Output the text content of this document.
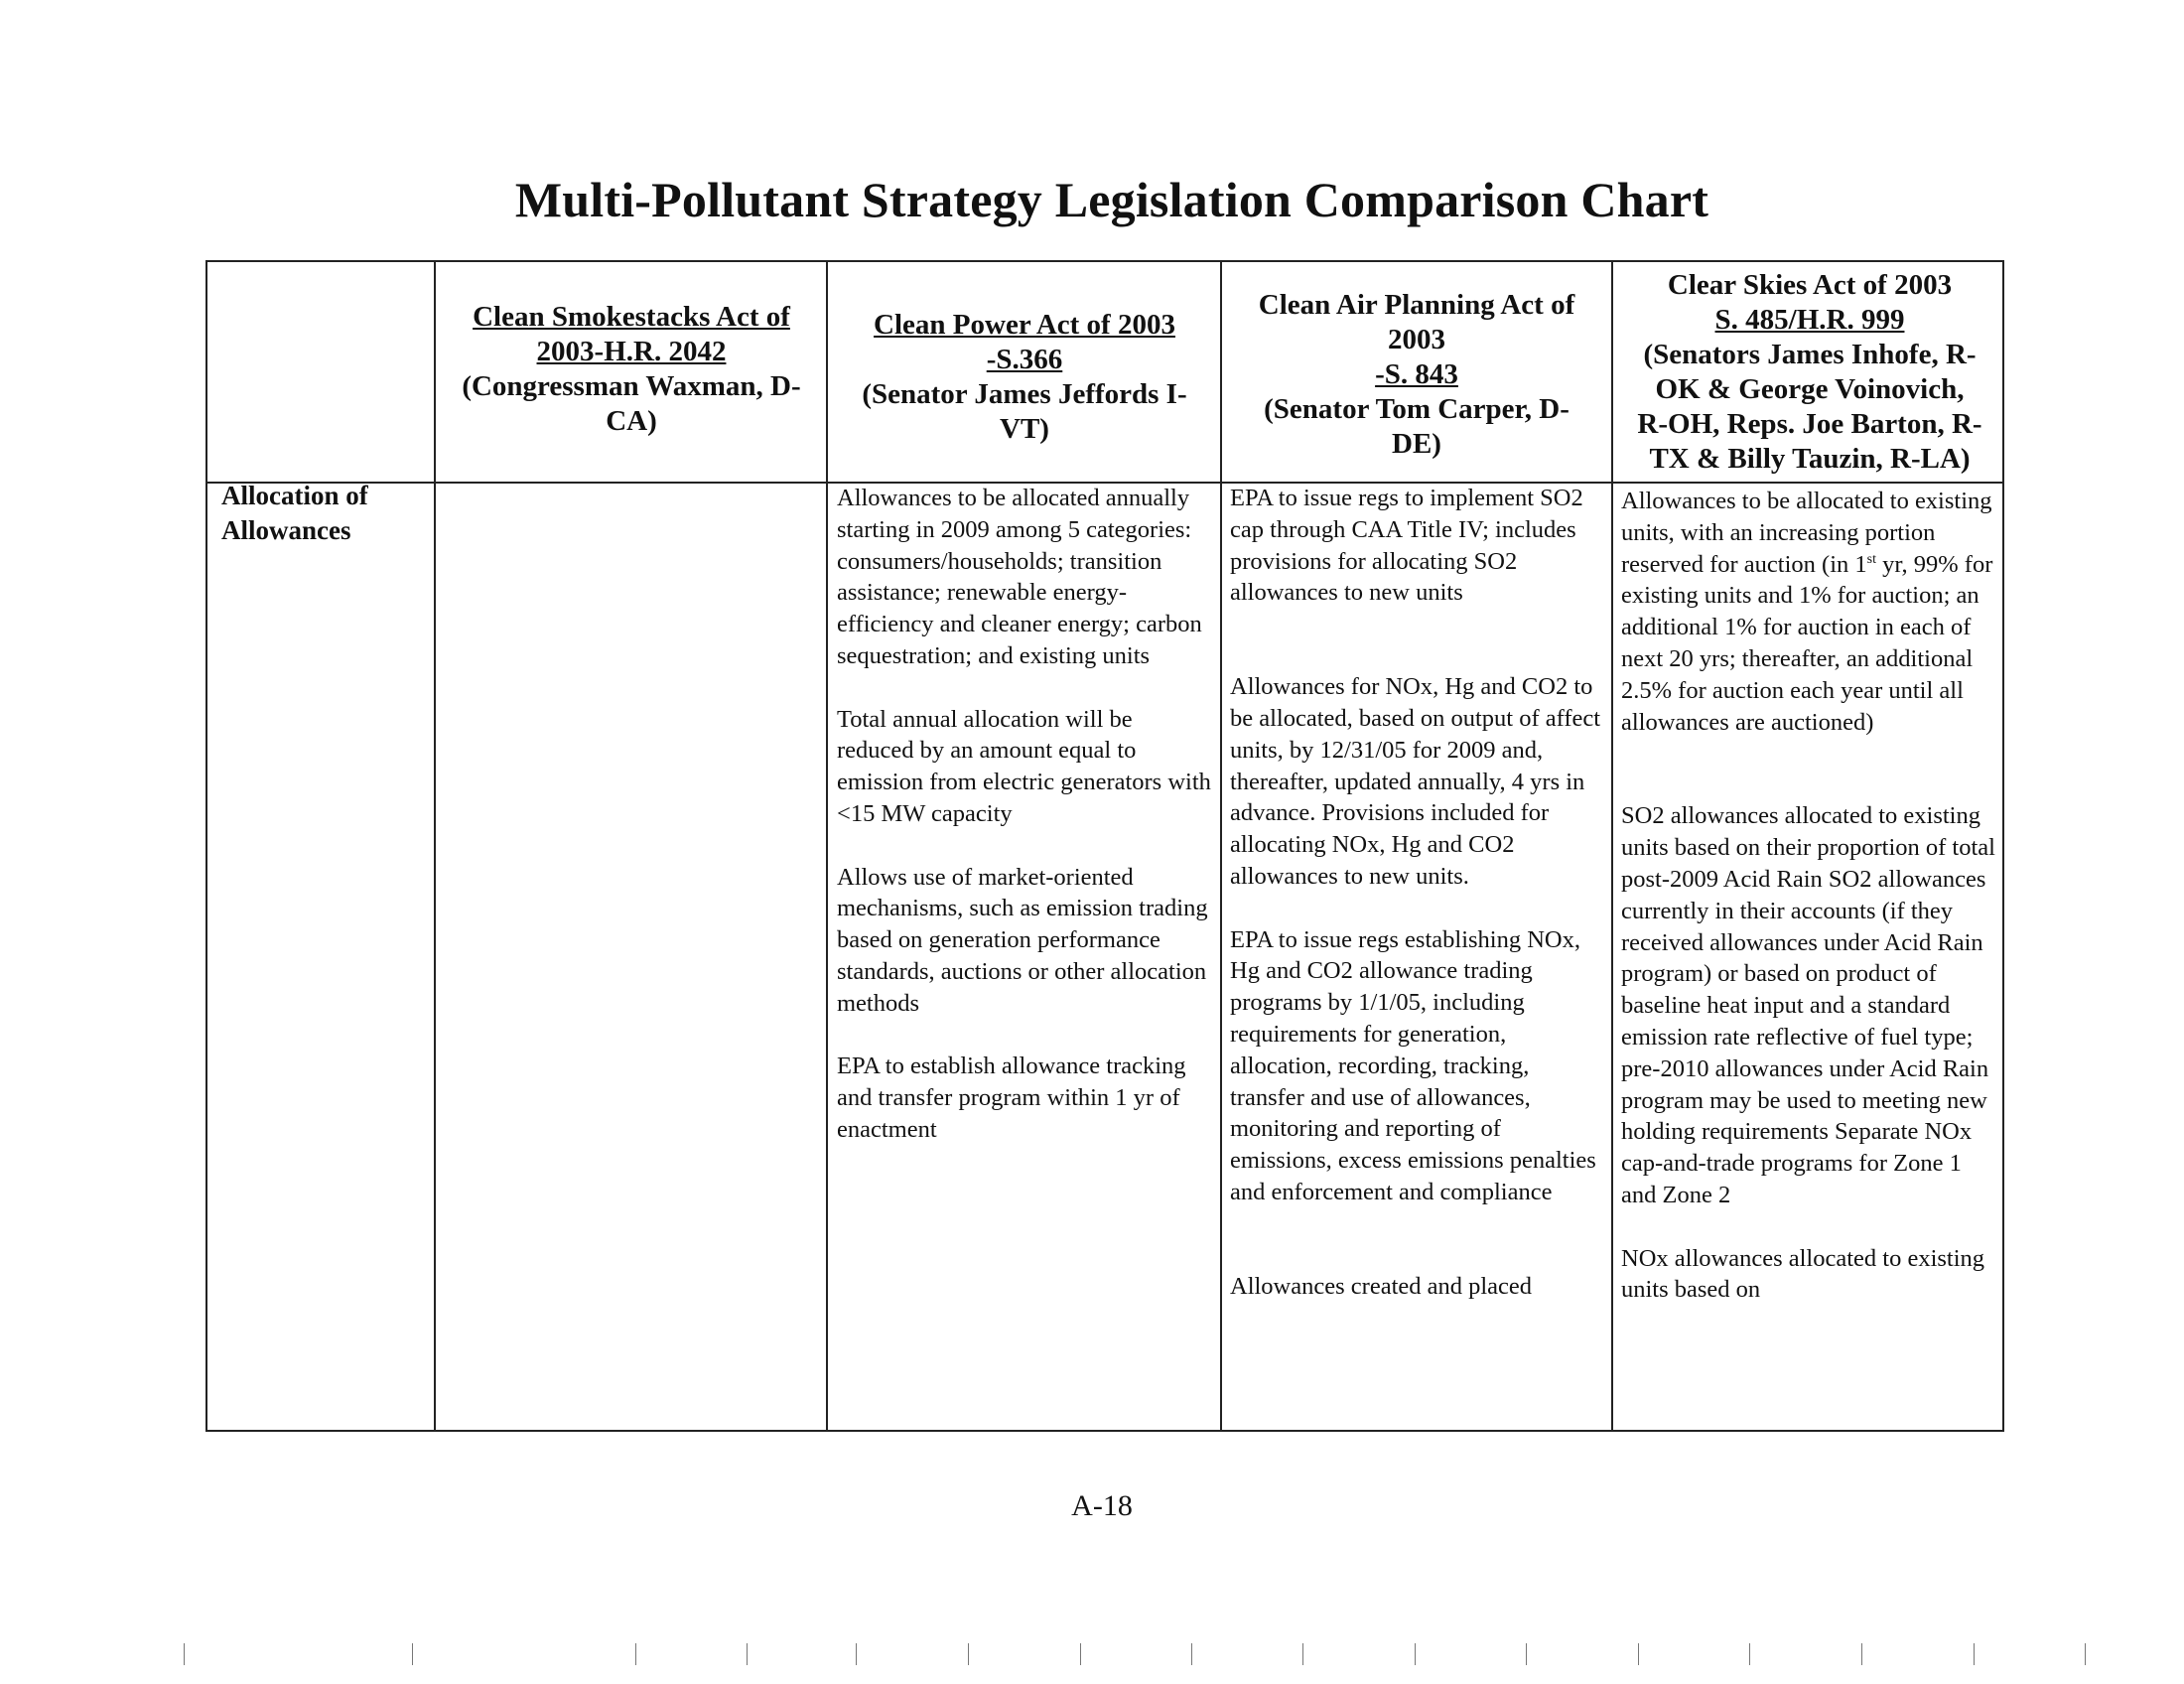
Multi-Pollutant Strategy Legislation Comparison Chart
Clean Smokestacks Act of
2003-H.R. 2042
(Congressman Waxman, D-
CA)
Clean Power Act of 2003
-S.366
(Senator James Jeffords I-
VT)
Clean Air Planning Act of
2003
-S. 843
(Senator Tom Carper, D-
DE)
Clear Skies Act of 2003
S. 485/H.R. 999
(Senators James Inhofe, R-
OK & George Voinovich,
R-OH, Reps. Joe Barton, R-
TX & Billy Tauzin, R-LA)
Allocation of
Allowances

Allowances to be allocated annually starting in 2009 among 5 categories: consumers/households; transition assistance; renewable energy-efficiency and cleaner energy; carbon sequestration; and existing units

Total annual allocation will be reduced by an amount equal to emission from electric generators with <15 MW capacity

Allows use of market-oriented mechanisms, such as emission trading based on generation performance standards, auctions or other allocation methods

EPA to establish allowance tracking and transfer program within 1 yr of enactment

EPA to issue regs to implement SO2 cap through CAA Title IV; includes provisions for allocating SO2 allowances to new units

Allowances for NOx, Hg and CO2 to be allocated, based on output of affect units, by 12/31/05 for 2009 and, thereafter, updated annually, 4 yrs in advance. Provisions included for allocating NOx, Hg and CO2 allowances to new units.

EPA to issue regs establishing NOx, Hg and CO2 allowance trading programs by 1/1/05, including requirements for generation, allocation, recording, tracking, transfer and use of allowances, monitoring and reporting of emissions, excess emissions penalties and enforcement and compliance

Allowances created and placed

Allowances to be allocated to existing units, with an increasing portion reserved for auction (in 1st yr, 99% for existing units and 1% for auction; an additional 1% for auction in each of next 20 yrs; thereafter, an additional 2.5% for auction each year until all allowances are auctioned)

SO2 allowances allocated to existing units based on their proportion of total post-2009 Acid Rain SO2 allowances currently in their accounts (if they received allowances under Acid Rain program) or based on product of baseline heat input and a standard emission rate reflective of fuel type; pre-2010 allowances under Acid Rain program may be used to meeting new holding requirements Separate NOx cap-and-trade programs for Zone 1 and Zone 2

NOx allowances allocated to existing units based on

A-18
